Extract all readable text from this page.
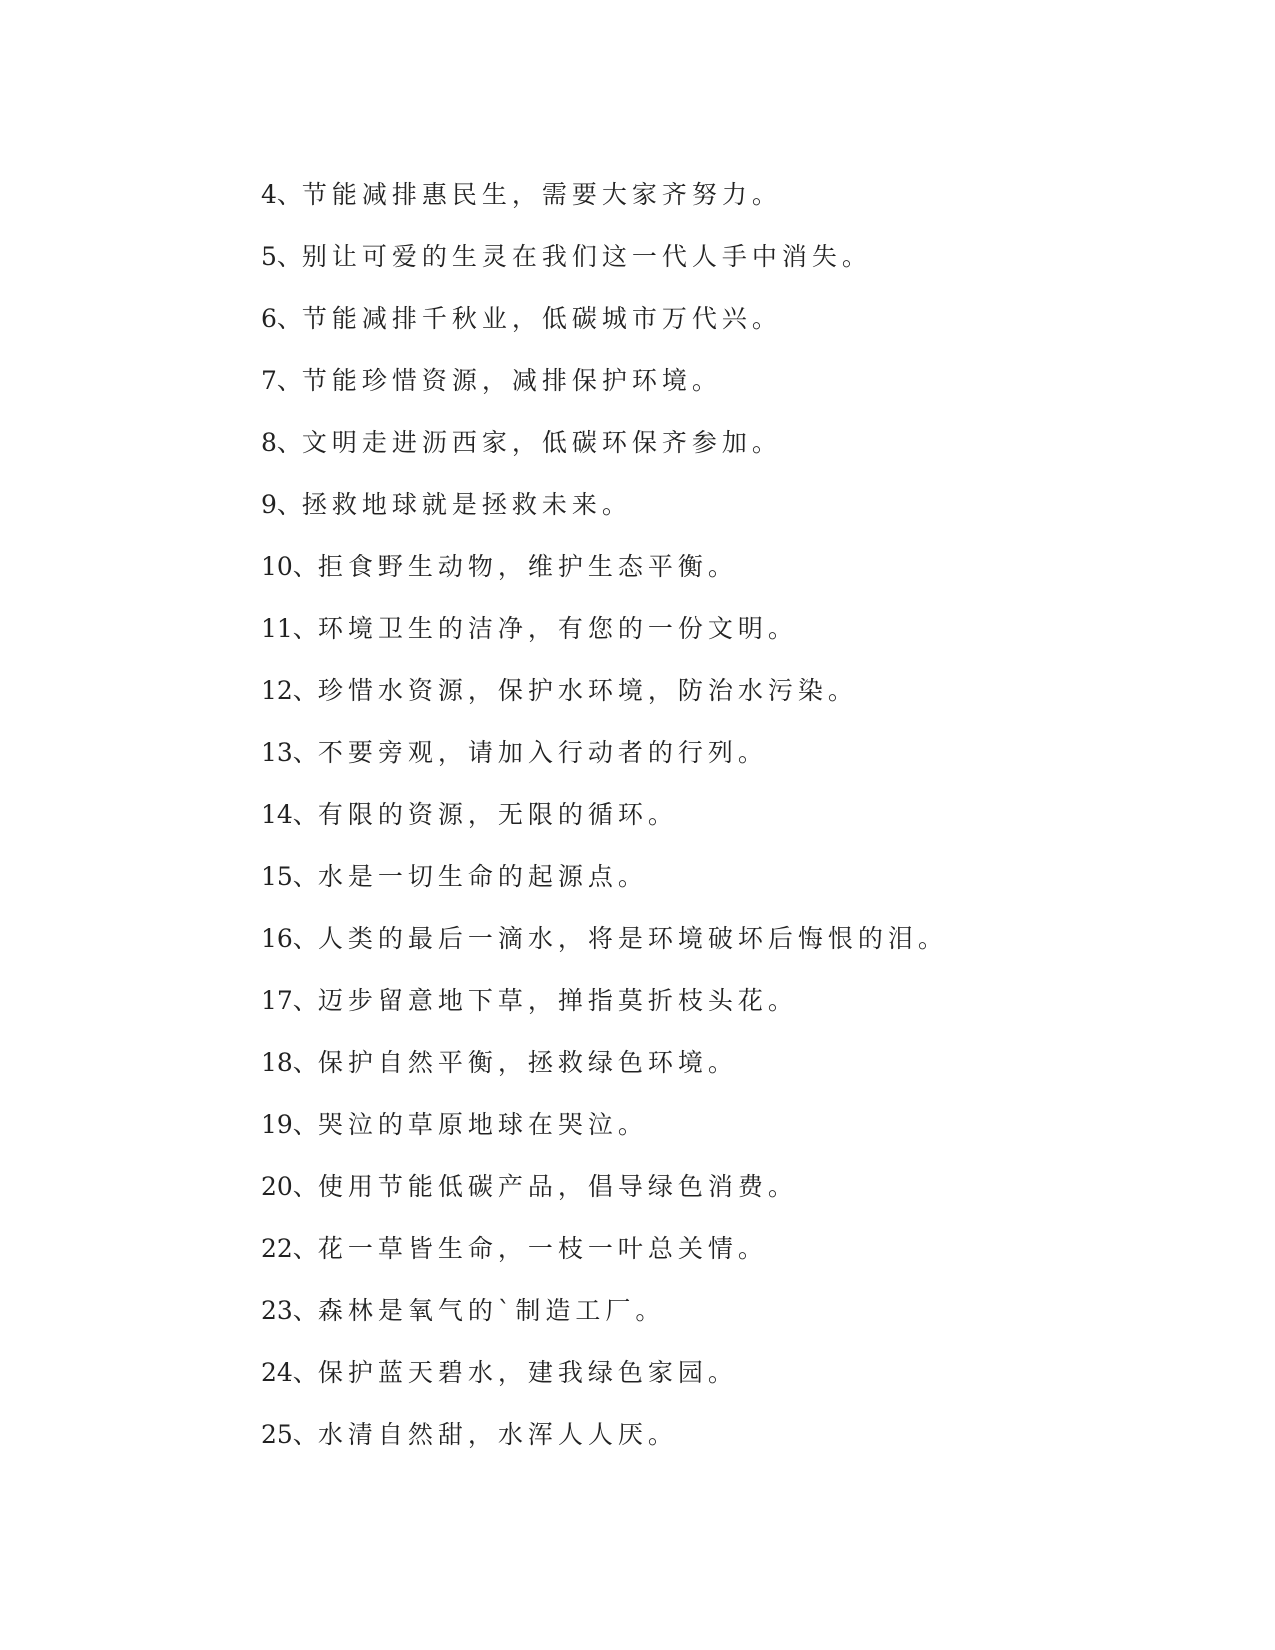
4、节能减排惠民生，需要大家齐努力。
5、别让可爱的生灵在我们这一代人手中消失。
6、节能减排千秋业，低碳城市万代兴。
7、节能珍惜资源，减排保护环境。
8、文明走进沥西家，低碳环保齐参加。
9、拯救地球就是拯救未来。
10、拒食野生动物，维护生态平衡。
11、环境卫生的洁净，有您的一份文明。
12、珍惜水资源，保护水环境，防治水污染。
13、不要旁观，请加入行动者的行列。
14、有限的资源，无限的循环。
15、水是一切生命的起源点。
16、人类的最后一滴水，将是环境破坏后悔恨的泪。
17、迈步留意地下草，掸指莫折枝头花。
18、保护自然平衡，拯救绿色环境。
19、哭泣的草原地球在哭泣。
20、使用节能低碳产品，倡导绿色消费。
22、花一草皆生命，一枝一叶总关情。
23、森林是氧气的`制造工厂。
24、保护蓝天碧水，建我绿色家园。
25、水清自然甜，水浑人人厌。
